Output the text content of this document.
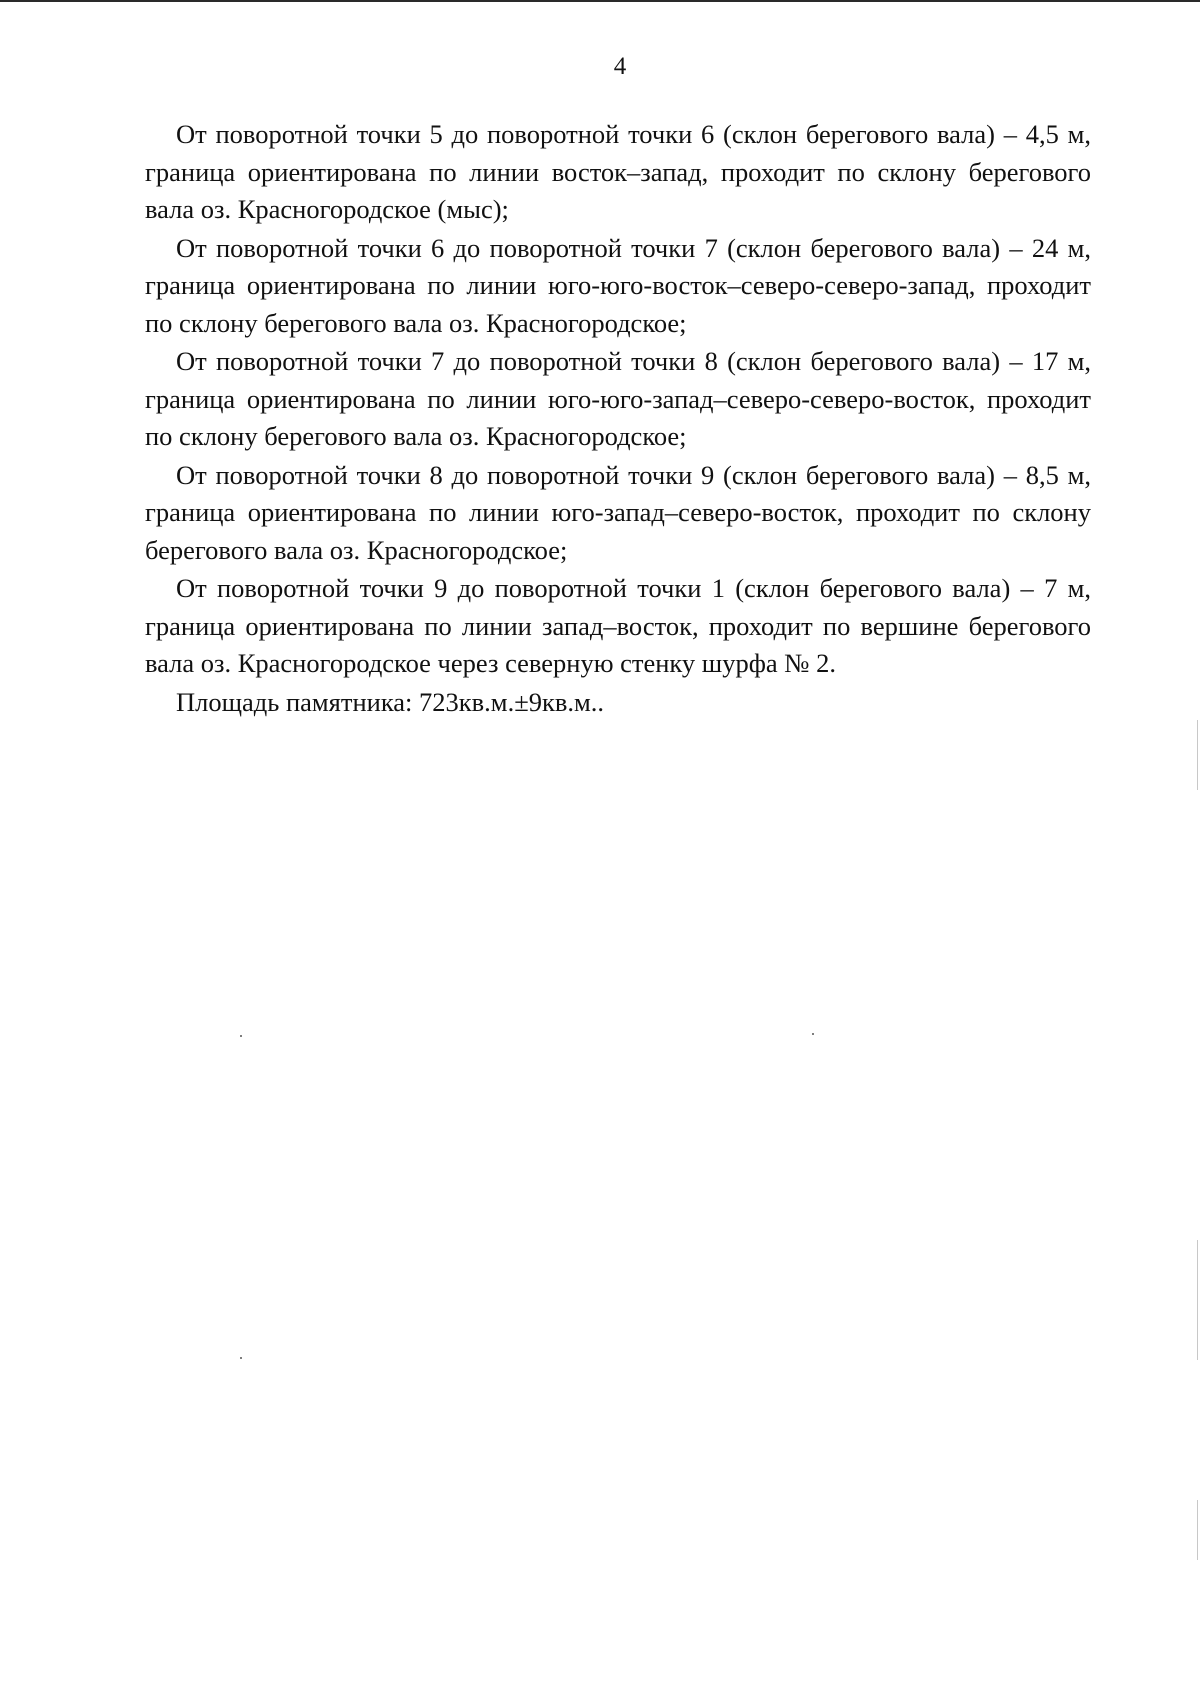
4

От поворотной точки 5 до поворотной точки 6 (склон берегового вала) – 4,5 м, граница ориентирована по линии восток–запад, проходит по склону берегового вала оз. Красногородское (мыс);

От поворотной точки 6 до поворотной точки 7 (склон берегового вала) – 24 м, граница ориентирована по линии юго-юго-восток–северо-северо-запад, проходит по склону берегового вала оз. Красногородское;

От поворотной точки 7 до поворотной точки 8 (склон берегового вала) – 17 м, граница ориентирована по линии юго-юго-запад–северо-северо-восток, проходит по склону берегового вала оз. Красногородское;

От поворотной точки 8 до поворотной точки 9 (склон берегового вала) – 8,5 м, граница ориентирована по линии юго-запад–северо-восток, проходит по склону берегового вала оз. Красногородское;

От поворотной точки 9 до поворотной точки 1 (склон берегового вала) – 7 м, граница ориентирована по линии запад–восток, проходит по вершине берегового вала оз. Красногородское через северную стенку шурфа № 2.

Площадь памятника: 723кв.м.±9кв.м..
